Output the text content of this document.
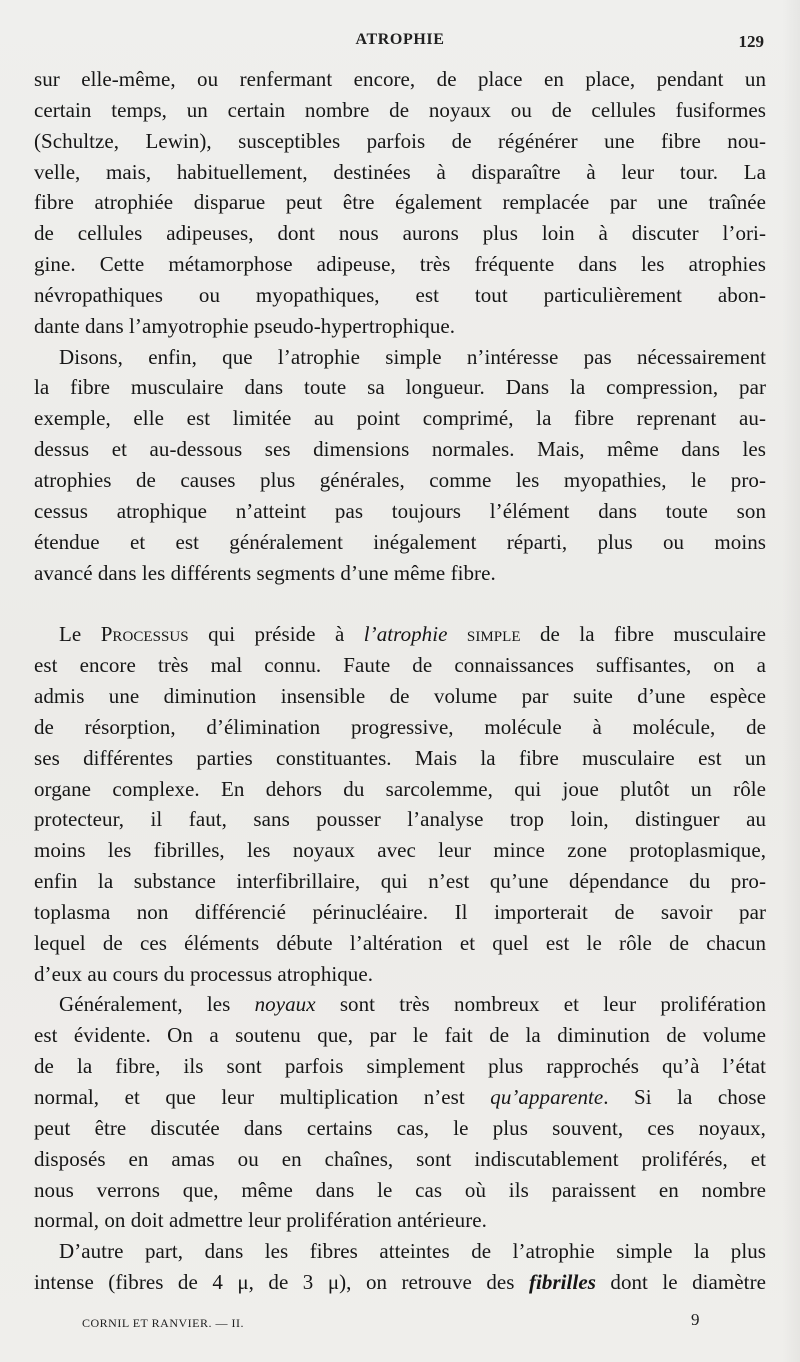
ATROPHIE	129
sur elle-même, ou renfermant encore, de place en place, pendant un
certain temps, un certain nombre de noyaux ou de cellules fusiformes
(Schultze, Lewin), susceptibles parfois de régénérer une fibre nou-
velle, mais, habituellement, destinées à disparaître à leur tour. La
fibre atrophiée disparue peut être également remplacée par une traînée
de cellules adipeuses, dont nous aurons plus loin à discuter l’ori-
gine. Cette métamorphose adipeuse, très fréquente dans les atrophies
névropathiques ou myopathiques, est tout particulièrement abon-
dante dans l’amyotrophie pseudo-hypertrophique.
Disons, enfin, que l’atrophie simple n’intéresse pas nécessairement
la fibre musculaire dans toute sa longueur. Dans la compression, par
exemple, elle est limitée au point comprimé, la fibre reprenant au-
dessus et au-dessous ses dimensions normales. Mais, même dans les
atrophies de causes plus générales, comme les myopathies, le pro-
cessus atrophique n’atteint pas toujours l’élément dans toute son
étendue et est généralement inégalement réparti, plus ou moins
avancé dans les différents segments d’une même fibre.
Le Processus qui préside à l’atrophie simple de la fibre musculaire
est encore très mal connu. Faute de connaissances suffisantes, on a
admis une diminution insensible de volume par suite d’une espèce
de résorption, d’élimination progressive, molécule à molécule, de
ses différentes parties constituantes. Mais la fibre musculaire est un
organe complexe. En dehors du sarcolemme, qui joue plutôt un rôle
protecteur, il faut, sans pousser l’analyse trop loin, distinguer au
moins les fibrilles, les noyaux avec leur mince zone protoplasmique,
enfin la substance interfibrillaire, qui n’est qu’une dépendance du pro-
toplasma non différencié périnucléaire. Il importerait de savoir par
lequel de ces éléments débute l’altération et quel est le rôle de chacun
d’eux au cours du processus atrophique.
Généralement, les noyaux sont très nombreux et leur prolifération
est évidente. On a soutenu que, par le fait de la diminution de volume
de la fibre, ils sont parfois simplement plus rapprochés qu’à l’état
normal, et que leur multiplication n’est qu’apparente. Si la chose
peut être discutée dans certains cas, le plus souvent, ces noyaux,
disposés en amas ou en chaînes, sont indiscutablement proliférés, et
nous verrons que, même dans le cas où ils paraissent en nombre
normal, on doit admettre leur prolifération antérieure.
D’autre part, dans les fibres atteintes de l’atrophie simple la plus
intense (fibres de 4 μ, de 3 μ), on retrouve des fibrilles dont le diamètre
CORNIL ET RANVIER. — II.	9
